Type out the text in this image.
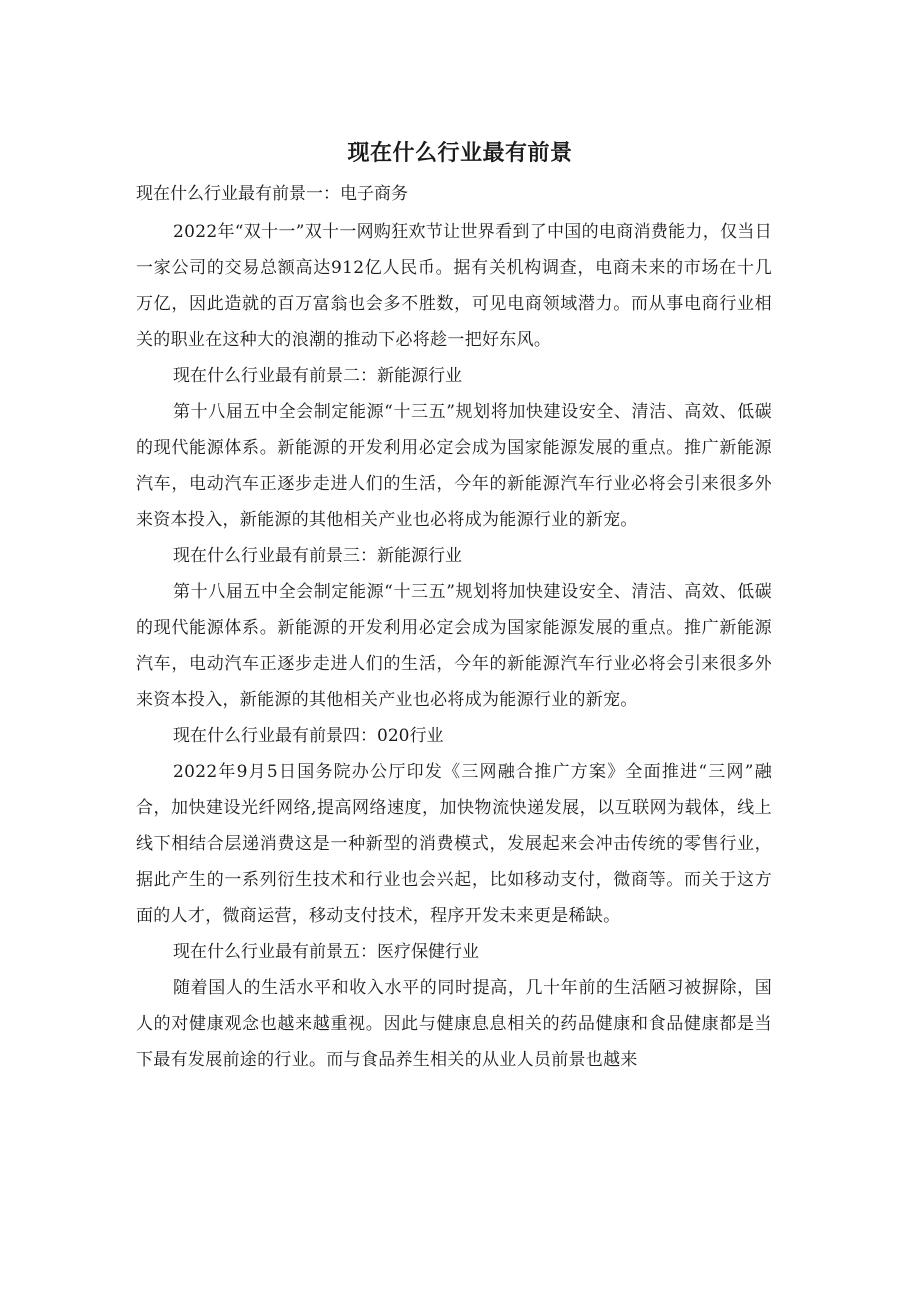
现在什么行业最有前景

现在什么行业最有前景一：电子商务

2022年“双十一”双十一网购狂欢节让世界看到了中国的电商消费能力，仅当日一家公司的交易总额高达912亿人民币。据有关机构调查，电商未来的市场在十几万亿，因此造就的百万富翁也会多不胜数，可见电商领域潜力。而从事电商行业相关的职业在这种大的浪潮的推动下必将趁一把好东风。

现在什么行业最有前景二：新能源行业

第十八届五中全会制定能源“十三五”规划将加快建设安全、清洁、高效、低碳的现代能源体系。新能源的开发利用必定会成为国家能源发展的重点。推广新能源汽车，电动汽车正逐步走进人们的生活，今年的新能源汽车行业必将会引来很多外来资本投入，新能源的其他相关产业也必将成为能源行业的新宠。

现在什么行业最有前景三：新能源行业

第十八届五中全会制定能源“十三五”规划将加快建设安全、清洁、高效、低碳的现代能源体系。新能源的开发利用必定会成为国家能源发展的重点。推广新能源汽车，电动汽车正逐步走进人们的生活，今年的新能源汽车行业必将会引来很多外来资本投入，新能源的其他相关产业也必将成为能源行业的新宠。

现在什么行业最有前景四：020行业

2022年9月5日国务院办公厅印发《三网融合推广方案》全面推进“三网”融合，加快建设光纤网络,提高网络速度，加快物流快递发展，以互联网为载体，线上线下相结合层递消费这是一种新型的消费模式，发展起来会冲击传统的零售行业，据此产生的一系列衍生技术和行业也会兴起，比如移动支付，微商等。而关于这方面的人才，微商运营，移动支付技术，程序开发未来更是稀缺。

现在什么行业最有前景五：医疗保健行业

随着国人的生活水平和收入水平的同时提高，几十年前的生活陋习被摒除，国人的对健康观念也越来越重视。因此与健康息息相关的药品健康和食品健康都是当下最有发展前途的行业。而与食品养生相关的从业人员前景也越来
